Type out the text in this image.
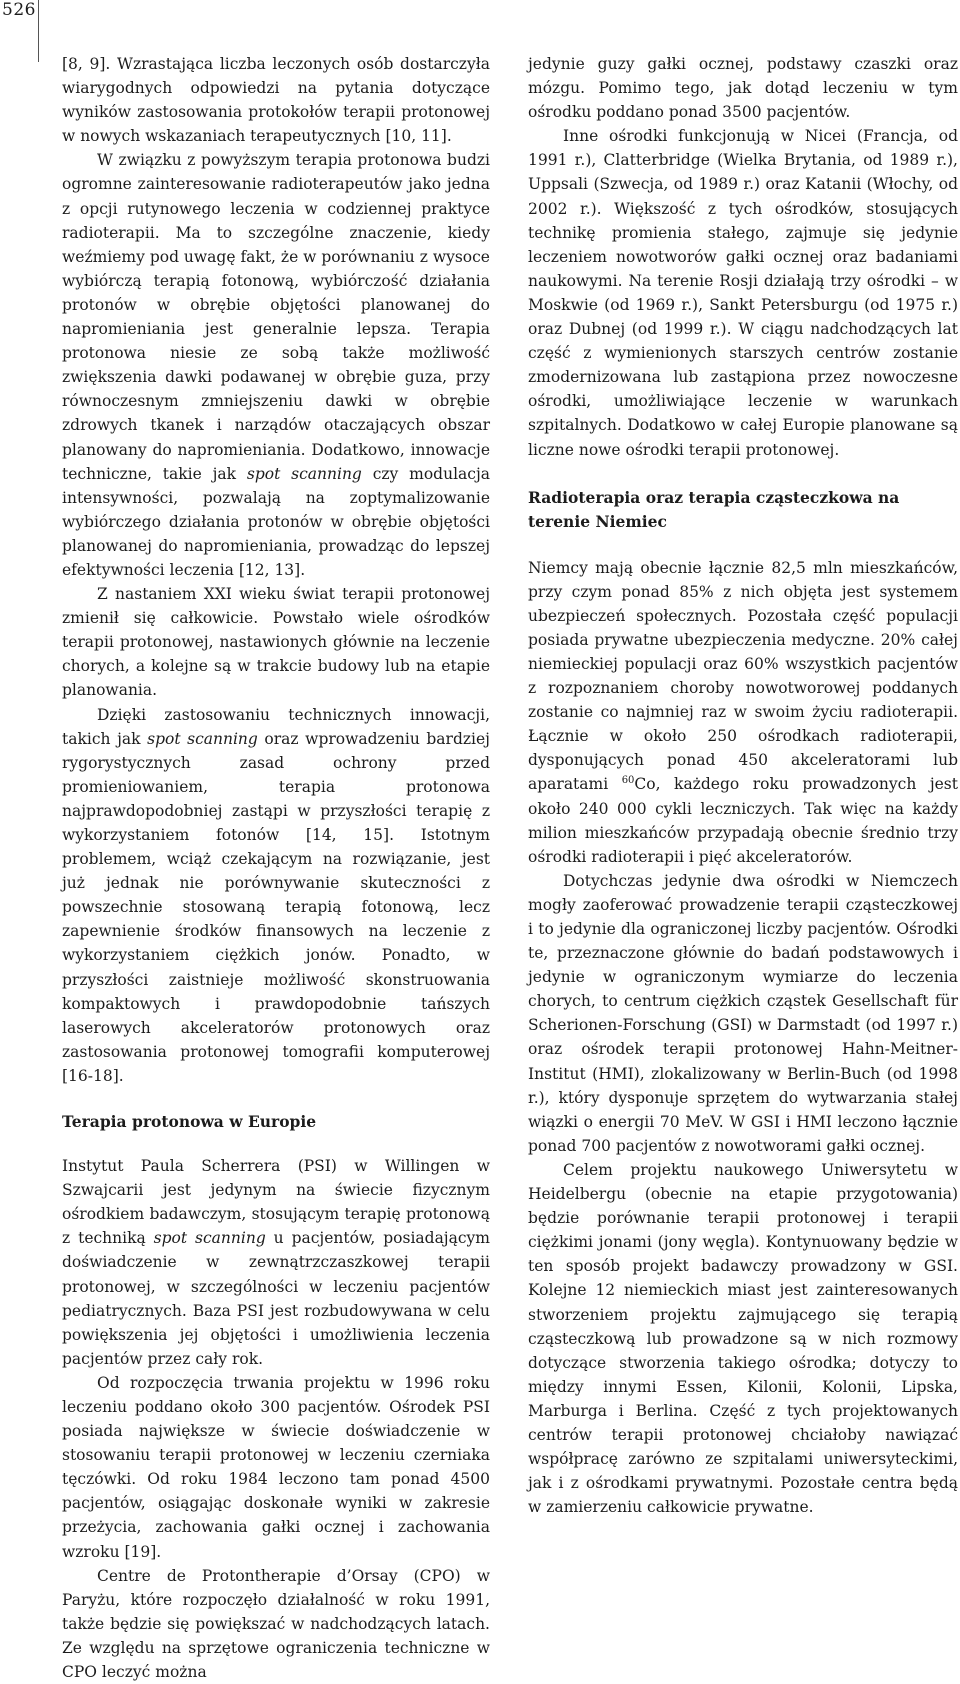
526

[8, 9]. Wzrastająca liczba leczonych osób dostarczyła wiarygodnych odpowiedzi na pytania dotyczące wyników zastosowania protokołów terapii protonowej w nowych wskazaniach terapeutycznych [10, 11].

W związku z powyższym terapia protonowa budzi ogromne zainteresowanie radioterapeutów jako jedna z opcji rutynowego leczenia w codziennej praktyce radioterapii. Ma to szczególne znaczenie, kiedy weźmiemy pod uwagę fakt, że w porównaniu z wysoce wybiórczą terapią fotonową, wybiórczość działania protonów w obrębie objętości planowanej do napromieniania jest generalnie lepsza. Terapia protonowa niesie ze sobą także możliwość zwiększenia dawki podawanej w obrębie guza, przy równoczesnym zmniejszeniu dawki w obrębie zdrowych tkanek i narządów otaczających obszar planowany do napromieniania. Dodatkowo, innowacje techniczne, takie jak spot scanning czy modulacja intensywności, pozwalają na zoptymalizowanie wybiórczego działania protonów w obrębie objętości planowanej do napromieniania, prowadząc do lepszej efektywności leczenia [12, 13].

Z nastaniem XXI wieku świat terapii protonowej zmienił się całkowicie. Powstało wiele ośrodków terapii protonowej, nastawionych głównie na leczenie chorych, a kolejne są w trakcie budowy lub na etapie planowania.

Dzięki zastosowaniu technicznych innowacji, takich jak spot scanning oraz wprowadzeniu bardziej rygorystycznych zasad ochrony przed promieniowaniem, terapia protonowa najprawdopodobniej zastąpi w przyszłości terapię z wykorzystaniem fotonów [14, 15]. Istotnym problemem, wciąż czekającym na rozwiązanie, jest już jednak nie porównywanie skuteczności z powszechnie stosowaną terapią fotonową, lecz zapewnienie środków finansowych na leczenie z wykorzystaniem ciężkich jonów. Ponadto, w przyszłości zaistnieje możliwość skonstruowania kompaktowych i prawdopodobnie tańszych laserowych akceleratorów protonowych oraz zastosowania protonowej tomografii komputerowej [16-18].

Terapia protonowa w Europie

Instytut Paula Scherrera (PSI) w Willingen w Szwajcarii jest jedynym na świecie fizycznym ośrodkiem badawczym, stosującym terapię protonową z techniką spot scanning u pacjentów, posiadającym doświadczenie w zewnątrzczaszkowej terapii protonowej, w szczególności w leczeniu pacjentów pediatrycznych. Baza PSI jest rozbudowywana w celu powiększenia jej objętości i umożliwienia leczenia pacjentów przez cały rok.

Od rozpoczęcia trwania projektu w 1996 roku leczeniu poddano około 300 pacjentów. Ośrodek PSI posiada największe w świecie doświadczenie w stosowaniu terapii protonowej w leczeniu czerniaka tęczówki. Od roku 1984 leczono tam ponad 4500 pacjentów, osiągając doskonałe wyniki w zakresie przeżycia, zachowania gałki ocznej i zachowania wzroku [19].

Centre de Protontherapie d’Orsay (CPO) w Paryżu, które rozpoczęło działalność w roku 1991, także będzie się powiększać w nadchodzących latach. Ze względu na sprzętowe ograniczenia techniczne w CPO leczyć można

jedynie guzy gałki ocznej, podstawy czaszki oraz mózgu. Pomimo tego, jak dotąd leczeniu w tym ośrodku poddano ponad 3500 pacjentów.

Inne ośrodki funkcjonują w Nicei (Francja, od 1991 r.), Clatterbridge (Wielka Brytania, od 1989 r.), Uppsali (Szwecja, od 1989 r.) oraz Katanii (Włochy, od 2002 r.). Większość z tych ośrodków, stosujących technikę promienia stałego, zajmuje się jedynie leczeniem nowotworów gałki ocznej oraz badaniami naukowymi. Na terenie Rosji działają trzy ośrodki – w Moskwie (od 1969 r.), Sankt Petersburgu (od 1975 r.) oraz Dubnej (od 1999 r.). W ciągu nadchodzących lat część z wymienionych starszych centrów zostanie zmodernizowana lub zastąpiona przez nowoczesne ośrodki, umożliwiające leczenie w warunkach szpitalnych. Dodatkowo w całej Europie planowane są liczne nowe ośrodki terapii protonowej.

Radioterapia oraz terapia cząsteczkowa na terenie Niemiec

Niemcy mają obecnie łącznie 82,5 mln mieszkańców, przy czym ponad 85% z nich objęta jest systemem ubezpieczeń społecznych. Pozostała część populacji posiada prywatne ubezpieczenia medyczne. 20% całej niemieckiej populacji oraz 60% wszystkich pacjentów z rozpoznaniem choroby nowotworowej poddanych zostanie co najmniej raz w swoim życiu radioterapii. Łącznie w około 250 ośrodkach radioterapii, dysponujących ponad 450 akceleratorami lub aparatami $^{60}$Co, każdego roku prowadzonych jest około 240 000 cykli leczniczych. Tak więc na każdy milion mieszkańców przypadają obecnie średnio trzy ośrodki radioterapii i pięć akceleratorów.

Dotychczas jedynie dwa ośrodki w Niemczech mogły zaoferować prowadzenie terapii cząsteczkowej i to jedynie dla ograniczonej liczby pacjentów. Ośrodki te, przeznaczone głównie do badań podstawowych i jedynie w ograniczonym wymiarze do leczenia chorych, to centrum ciężkich cząstek Gesellschaft für Scherionen-Forschung (GSI) w Darmstadt (od 1997 r.) oraz ośrodek terapii protonowej Hahn-Meitner-Institut (HMI), zlokalizowany w Berlin-Buch (od 1998 r.), który dysponuje sprzętem do wytwarzania stałej wiązki o energii 70 MeV. W GSI i HMI leczono łącznie ponad 700 pacjentów z nowotworami gałki ocznej.

Celem projektu naukowego Uniwersytetu w Heidelbergu (obecnie na etapie przygotowania) będzie porównanie terapii protonowej i terapii ciężkimi jonami (jony węgla). Kontynuowany będzie w ten sposób projekt badawczy prowadzony w GSI. Kolejne 12 niemieckich miast jest zainteresowanych stworzeniem projektu zajmującego się terapią cząsteczkową lub prowadzone są w nich rozmowy dotyczące stworzenia takiego ośrodka; dotyczy to między innymi Essen, Kilonii, Kolonii, Lipska, Marburga i Berlina. Część z tych projektowanych centrów terapii protonowej chciałoby nawiązać współpracę zarówno ze szpitalami uniwersyteckimi, jak i z ośrodkami prywatnymi. Pozostałe centra będą w zamierzeniu całkowicie prywatne.
